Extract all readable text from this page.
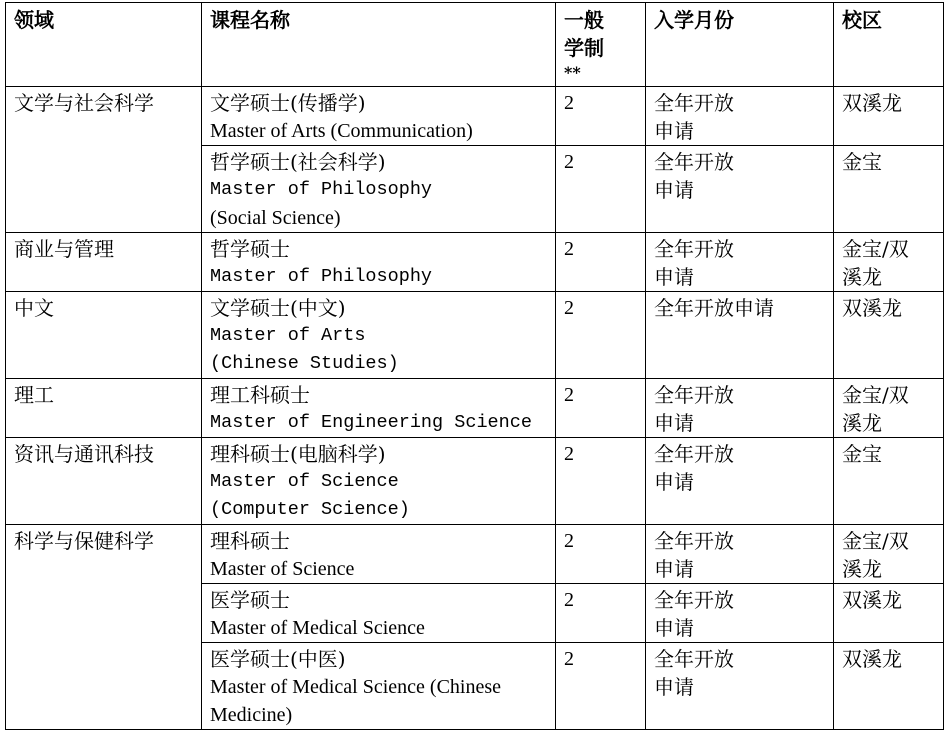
领域	课程名称	一般
学制
**	入学月份	校区
文学与社会科学	文学硕士(传播学)
Master of Arts (Communication)	2	全年开放
申请	双溪龙

	哲学硕士(社会科学)
Master of Philosophy
(Social Science)	2	全年开放
申请	金宝

商业与管理	哲学硕士
Master of Philosophy	2	全年开放
申请	金宝/双
溪龙

中文	文学硕士(中文)
Master of Arts
(Chinese Studies)	2	全年开放申请	双溪龙

理工	理工科硕士
Master of Engineering Science	2	全年开放
申请	金宝/双
溪龙

资讯与通讯科技	理科硕士(电脑科学)
Master of Science
(Computer Science)	2	全年开放
申请	金宝

科学与保健科学	理科硕士
Master of Science	2	全年开放
申请	金宝/双
溪龙

	医学硕士
Master of Medical Science	2	全年开放
申请	双溪龙

	医学硕士(中医)
Master of Medical Science (Chinese
Medicine)	2	全年开放
申请	双溪龙
